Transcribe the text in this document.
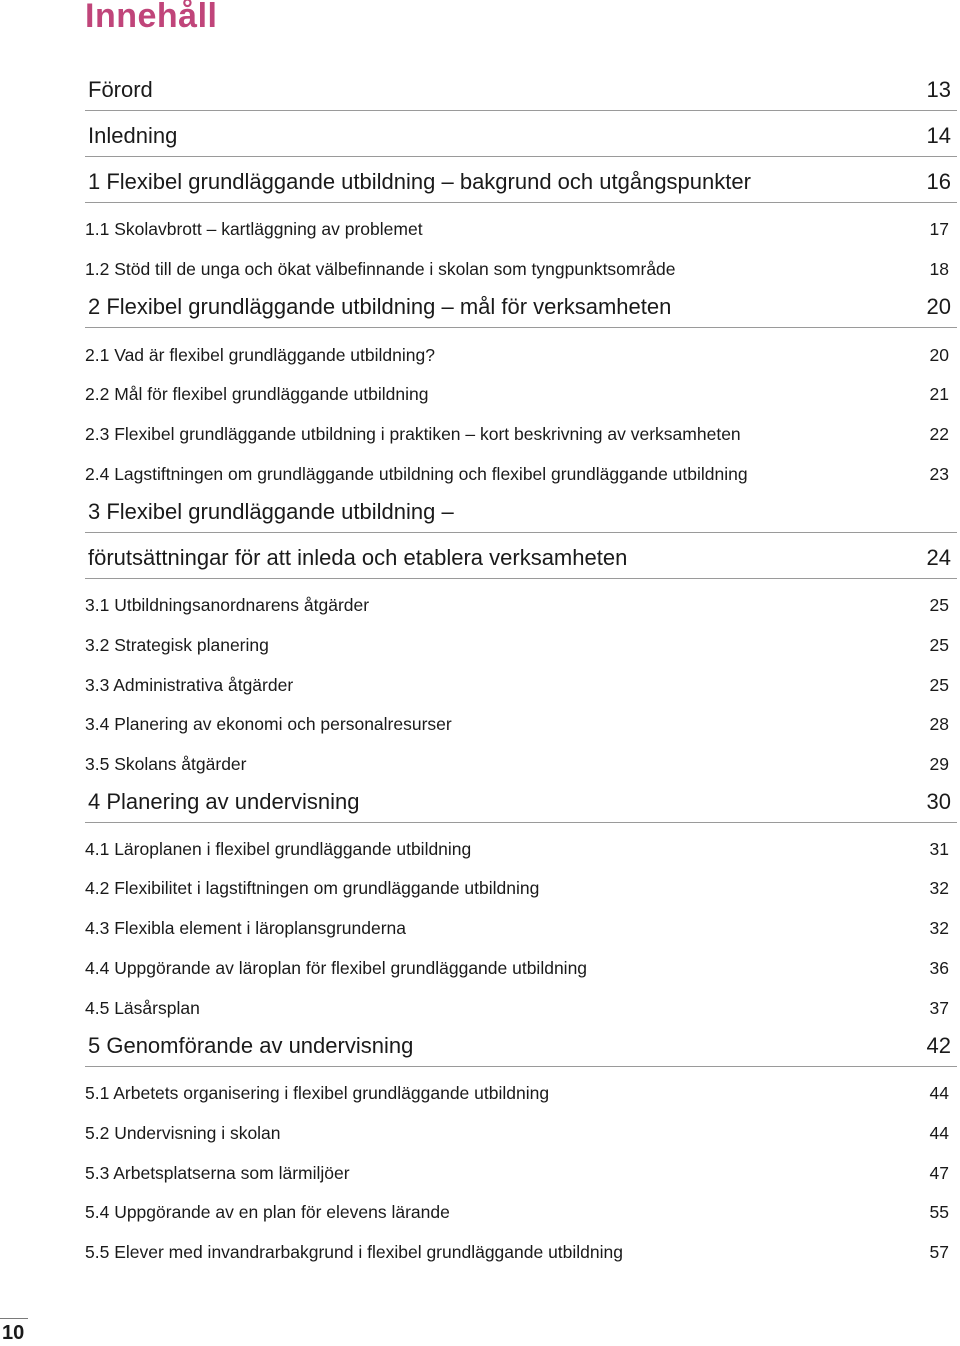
Innehåll
Förord	13
Inledning	14
1 Flexibel grundläggande utbildning – bakgrund och utgångspunkter	16
1.1 Skolavbrott – kartläggning av problemet	17
1.2 Stöd till de unga och ökat välbefinnande i skolan som tyngpunktsområde	18
2 Flexibel grundläggande utbildning – mål för verksamheten	20
2.1 Vad är flexibel grundläggande utbildning?	20
2.2 Mål för flexibel grundläggande utbildning	21
2.3 Flexibel grundläggande utbildning i praktiken – kort beskrivning av verksamheten	22
2.4 Lagstiftningen om grundläggande utbildning och flexibel grundläggande utbildning	23
3 Flexibel grundläggande utbildning –
förutsättningar för att inleda och etablera verksamheten	24
3.1 Utbildningsanordnarens åtgärder	25
3.2 Strategisk planering	25
3.3 Administrativa åtgärder	25
3.4 Planering av ekonomi och personalresurser	28
3.5 Skolans åtgärder	29
4 Planering av undervisning	30
4.1 Läroplanen i flexibel grundläggande utbildning	31
4.2 Flexibilitet i lagstiftningen om grundläggande utbildning	32
4.3 Flexibla element i läroplansgrunderna	32
4.4 Uppgörande av läroplan för flexibel grundläggande utbildning	36
4.5 Läsårsplan	37
5 Genomförande av undervisning	42
5.1 Arbetets organisering i flexibel grundläggande utbildning	44
5.2 Undervisning i skolan	44
5.3 Arbetsplatserna som lärmiljöer	47
5.4 Uppgörande av en plan för elevens lärande	55
5.5 Elever med invandrarbakgrund i flexibel grundläggande utbildning	57
10
